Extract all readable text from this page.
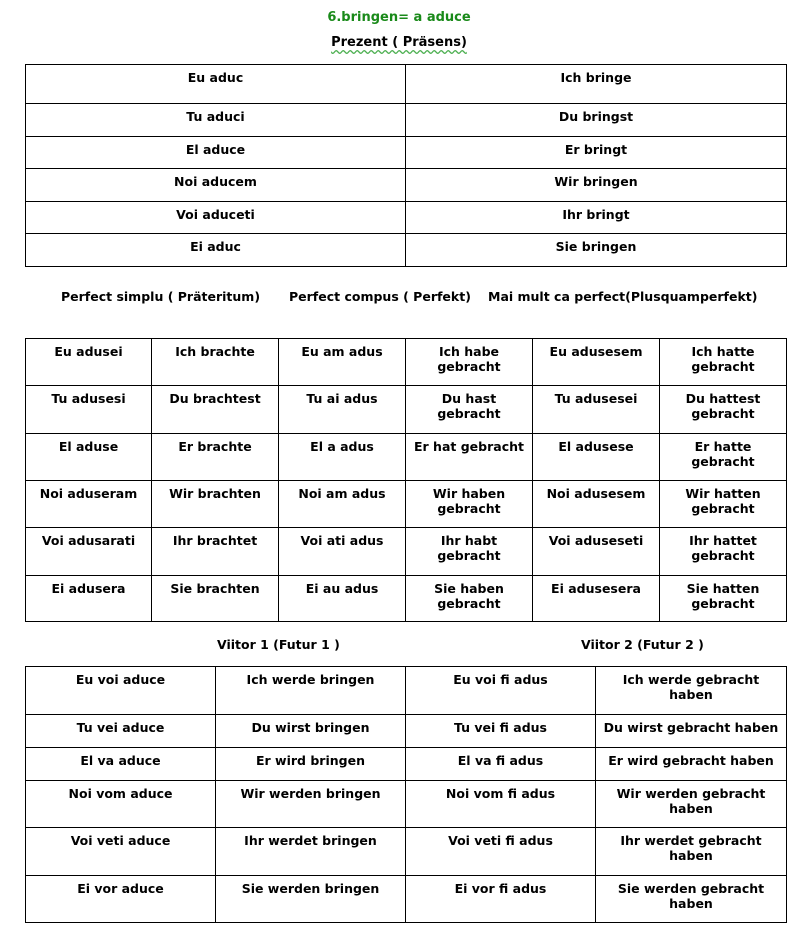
6.bringen= a aduce
Prezent ( Präsens)
Eu aduc	Ich bringe
Tu aduci	Du bringst
El aduce	Er bringt
Noi aducem	Wir bringen
Voi aduceti	Ihr bringt
Ei aduc	Sie bringen
Perfect simplu ( Präteritum) Perfect compus ( Perfekt) Mai mult ca perfect(Plusquamperfekt)
Eu adusei	Ich brachte	Eu am adus	Ich habe gebracht	Eu adusesem	Ich hatte gebracht
Tu adusesi	Du brachtest	Tu ai adus	Du hast gebracht	Tu aduseseі	Du hattest gebracht
El aduse	Er brachte	El a adus	Er hat gebracht	El adusese	Er hatte gebracht
Noi aduseram	Wir brachten	Noi am adus	Wir haben gebracht	Noi adusesem	Wir hatten gebracht
Voi adusarati	Ihr brachtet	Voi ati adus	Ihr habt gebracht	Voi aduseseti	Ihr hattet gebracht
Ei adusera	Sie brachten	Ei au adus	Sie haben gebracht	Ei adusesera	Sie hatten gebracht
Viitor 1 (Futur 1 )	Viitor 2 (Futur 2 )
Eu voi aduce	Ich werde bringen	Eu voi fi adus	Ich werde gebracht haben
Tu vei aduce	Du wirst bringen	Tu vei fi adus	Du wirst gebracht haben
El va aduce	Er wird bringen	El va fi adus	Er wird gebracht haben
Noi vom aduce	Wir werden bringen	Noi vom fi adus	Wir werden gebracht haben
Voi veti aduce	Ihr werdet bringen	Voi veti fi adus	Ihr werdet gebracht haben
Ei vor aduce	Sie werden bringen	Ei vor fi adus	Sie werden gebracht haben
